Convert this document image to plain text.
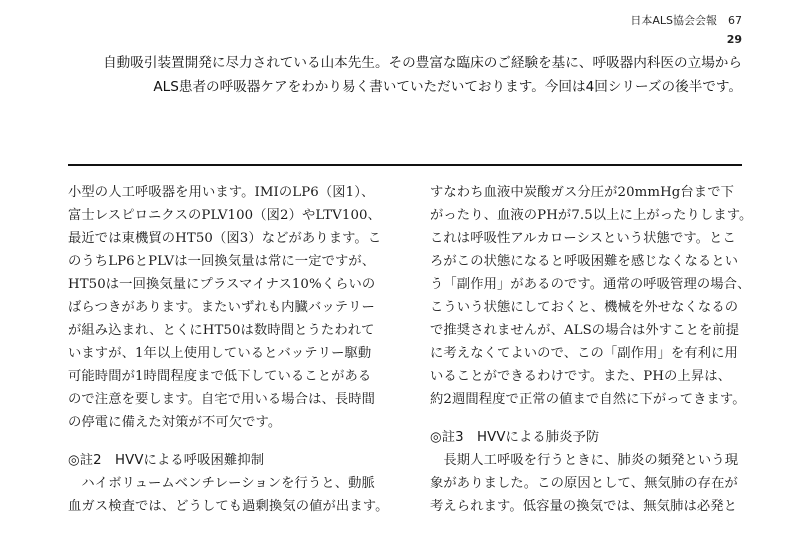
日本ALS協会会報　67
29
自動吸引装置開発に尽力されている山本先生。その豊富な臨床のご経験を基に、呼吸器内科医の立場から
ALS患者の呼吸器ケアをわかり易く書いていただいております。今回は4回シリーズの後半です。
小型の人工呼吸器を用います。IMIのLP6（図1）、
富士レスピロニクスのPLV100（図2）やLTV100、
最近では東機貿のHT50（図3）などがあります。こ
のうちLP6とPLVは一回換気量は常に一定ですが、
HT50は一回換気量にプラスマイナス10%くらいの
ばらつきがあります。またいずれも内臓バッテリー
が組み込まれ、とくにHT50は数時間とうたわれて
いますが、1年以上使用しているとバッテリー駆動
可能時間が1時間程度まで低下していることがある
ので注意を要します。自宅で用いる場合は、長時間
の停電に備えた対策が不可欠です。
◎註2　HVVによる呼吸困難抑制
　ハイボリュームベンチレーションを行うと、動脈
血ガス検査では、どうしても過剰換気の値が出ます。
すなわち血液中炭酸ガス分圧が20mmHg台まで下
がったり、血液のPHが7.5以上に上がったりします。
これは呼吸性アルカローシスという状態です。とこ
ろがこの状態になると呼吸困難を感じなくなるとい
う「副作用」があるのです。通常の呼吸管理の場合、
こういう状態にしておくと、機械を外せなくなるの
で推奨されませんが、ALSの場合は外すことを前提
に考えなくてよいので、この「副作用」を有利に用
いることができるわけです。また、PHの上昇は、
約2週間程度で正常の値まで自然に下がってきます。
◎註3　HVVによる肺炎予防
　長期人工呼吸を行うときに、肺炎の頻発という現
象がありました。この原因として、無気肺の存在が
考えられます。低容量の換気では、無気肺は必発と
